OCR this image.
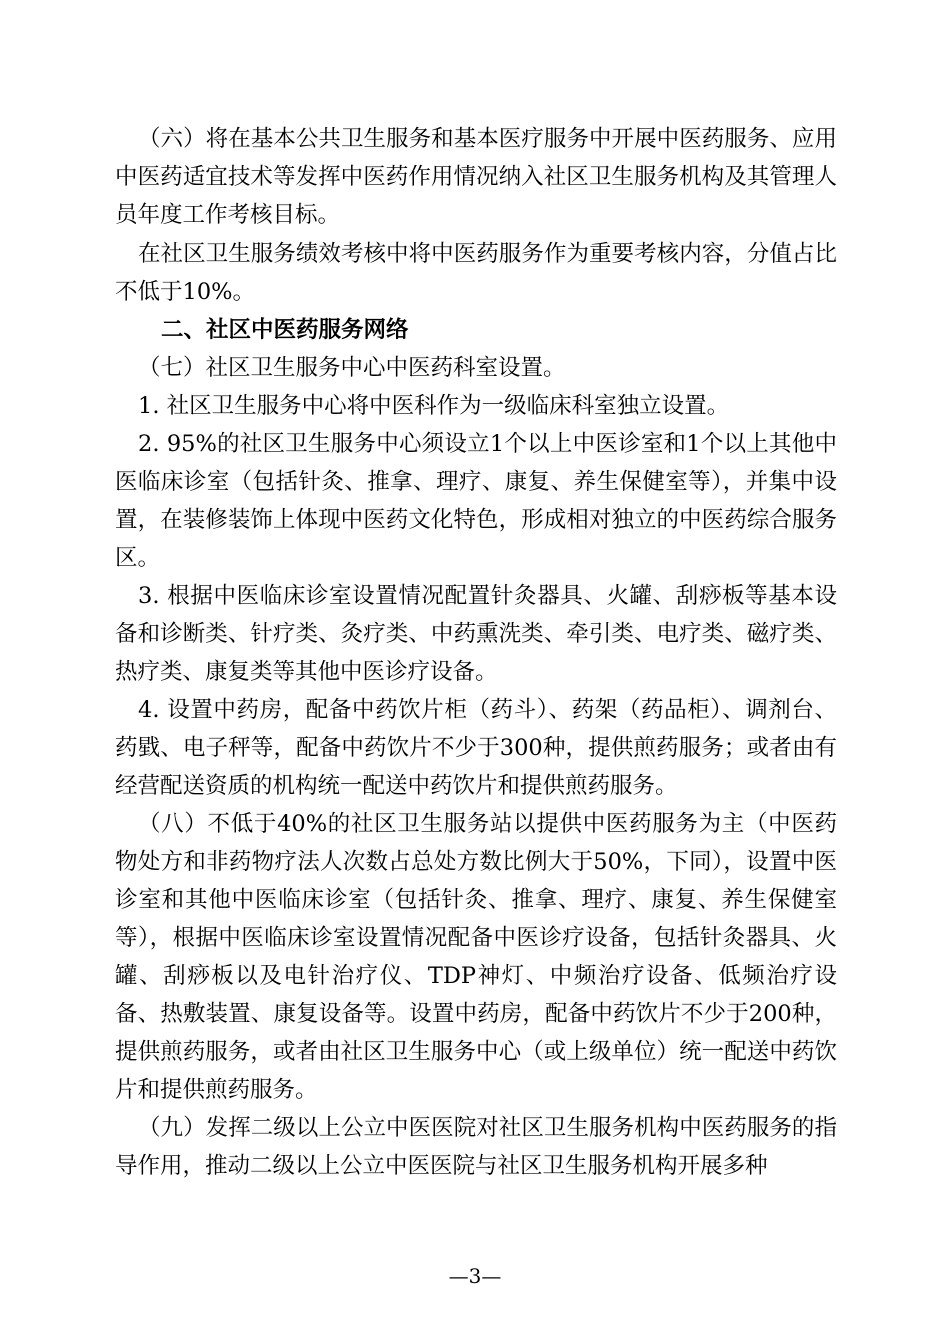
（六）将在基本公共卫生服务和基本医疗服务中开展中医药服务、应用中医药适宜技术等发挥中医药作用情况纳入社区卫生服务机构及其管理人员年度工作考核目标。

在社区卫生服务绩效考核中将中医药服务作为重要考核内容，分值占比不低于10%。

二、社区中医药服务网络

（七）社区卫生服务中心中医药科室设置。

1. 社区卫生服务中心将中医科作为一级临床科室独立设置。

2. 95%的社区卫生服务中心须设立1个以上中医诊室和1个以上其他中医临床诊室（包括针灸、推拿、理疗、康复、养生保健室等），并集中设置，在装修装饰上体现中医药文化特色，形成相对独立的中医药综合服务区。

3. 根据中医临床诊室设置情况配置针灸器具、火罐、刮痧板等基本设备和诊断类、针疗类、灸疗类、中药熏洗类、牵引类、电疗类、磁疗类、热疗类、康复类等其他中医诊疗设备。

4. 设置中药房，配备中药饮片柜（药斗）、药架（药品柜）、调剂台、药戥、电子秤等，配备中药饮片不少于300种，提供煎药服务；或者由有经营配送资质的机构统一配送中药饮片和提供煎药服务。

（八）不低于40%的社区卫生服务站以提供中医药服务为主（中医药物处方和非药物疗法人次数占总处方数比例大于50%，下同），设置中医诊室和其他中医临床诊室（包括针灸、推拿、理疗、康复、养生保健室等），根据中医临床诊室设置情况配备中医诊疗设备，包括针灸器具、火罐、刮痧板以及电针治疗仪、TDP神灯、中频治疗设备、低频治疗设备、热敷装置、康复设备等。设置中药房，配备中药饮片不少于200种，提供煎药服务，或者由社区卫生服务中心（或上级单位）统一配送中药饮片和提供煎药服务。

（九）发挥二级以上公立中医医院对社区卫生服务机构中医药服务的指导作用，推动二级以上公立中医医院与社区卫生服务机构开展多种

—3—
